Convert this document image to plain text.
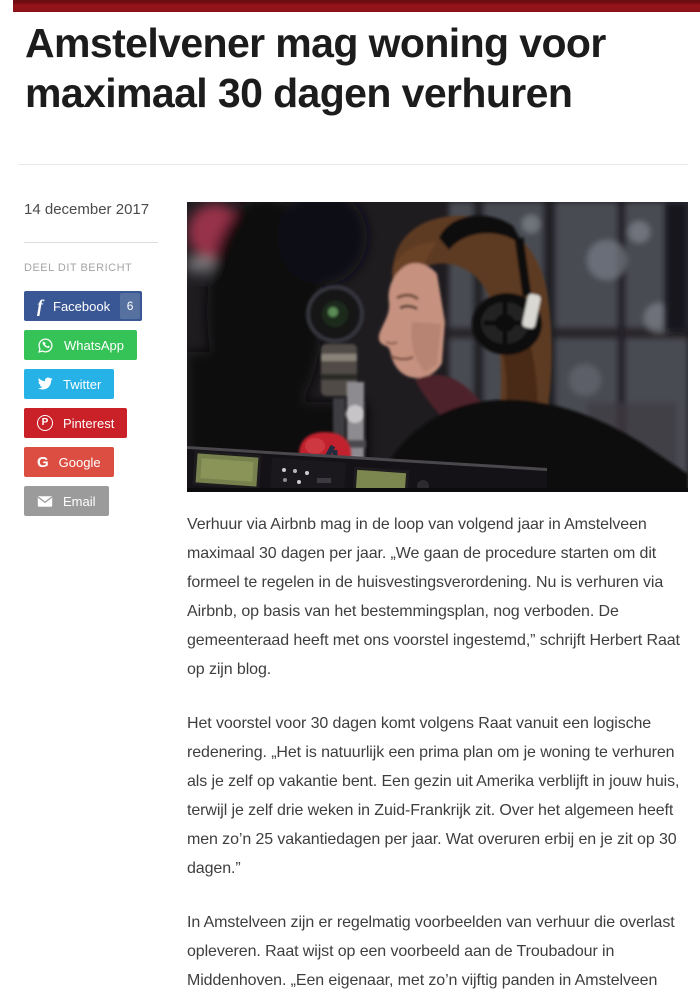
Amstelvener mag woning voor maximaal 30 dagen verhuren

14 december 2017

DEEL DIT BERICHT
f Facebook	6
WhatsApp
Twitter
P	Pinterest
G Google
Email

Verhuur via Airbnb mag in de loop van volgend jaar in Amstelveen maximaal 30 dagen per jaar. „We gaan de procedure starten om dit formeel te regelen in de huisvestingsverordening. Nu is verhuren via Airbnb, op basis van het bestemmingsplan, nog verboden. De gemeenteraad heeft met ons voorstel ingestemd,” schrijft Herbert Raat op zijn blog.

Het voorstel voor 30 dagen komt volgens Raat vanuit een logische redenering. „Het is natuurlijk een prima plan om je woning te verhuren als je zelf op vakantie bent. Een gezin uit Amerika verblijft in jouw huis, terwijl je zelf drie weken in Zuid-Frankrijk zit. Over het algemeen heeft men zo’n 25 vakantiedagen per jaar. Wat overuren erbij en je zit op 30 dagen.”

In Amstelveen zijn er regelmatig voorbeelden van verhuur die overlast opleveren. Raat wijst op een voorbeeld aan de Troubadour in Middenhoven. „Een eigenaar, met zo’n vijftig panden in Amstelveen
